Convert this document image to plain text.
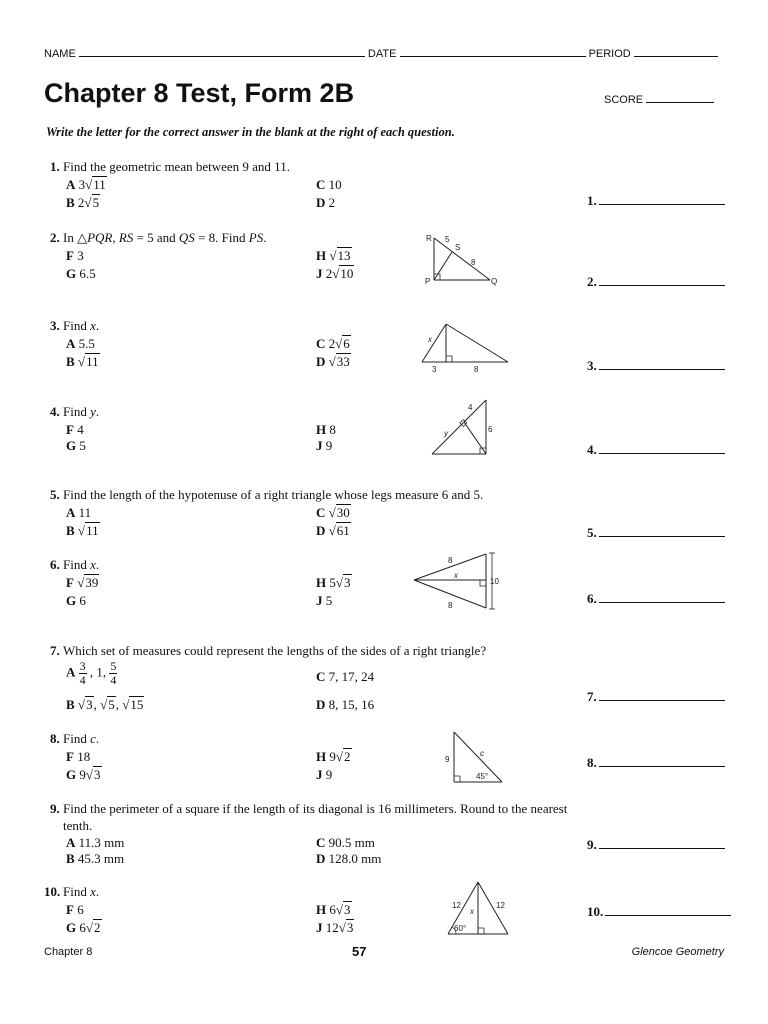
NAME	DATE	PERIOD
Chapter 8 Test, Form 2B	SCORE
Write the letter for the correct answer in the blank at the right of each question.
1. Find the geometric mean between 9 and 11.
A 3√11	C 10
B 2√5	D 2	1.
2. In △PQR, RS = 5 and QS = 8. Find PS.
F 3	H √13
G 6.5	J 2√10
2.
R
S
P	Q
5
8
3. Find x.
A 5.5	C 2√6
B √11	D √33	3.
x
3	8
4. Find y.
F 4	H 8
G 5	J 9	4.
4
6
y
5. Find the length of the hypotenuse of a right triangle whose legs measure 6 and 5.
A 11	C √30
B √11	D √61	5.
6. Find x.
F √39	H 5√3
G 6	J 5	6.
8
8
x
10
7. Which set of measures could represent the lengths of the sides of a right triangle?
A $\frac{3}{4}$ , 1, $\frac{5}{4}$	C 7, 17, 24
B √3, √5, √15	D 8, 15, 16
7.
8. Find c.
F 18	H 9√2
G 9√3	J 9
8.
9
c
45°
9. Find the perimeter of a square if the length of its diagonal is 16 millimeters. Round to the nearest tenth.
A 11.3 mm	C 90.5 mm
B 45.3 mm	D 128.0 mm
9.
10. Find x.
F 6	H 6√3
G 6√2	J 12√3
10.
12	12
x
60°
Chapter 8	57	Glencoe Geometry
